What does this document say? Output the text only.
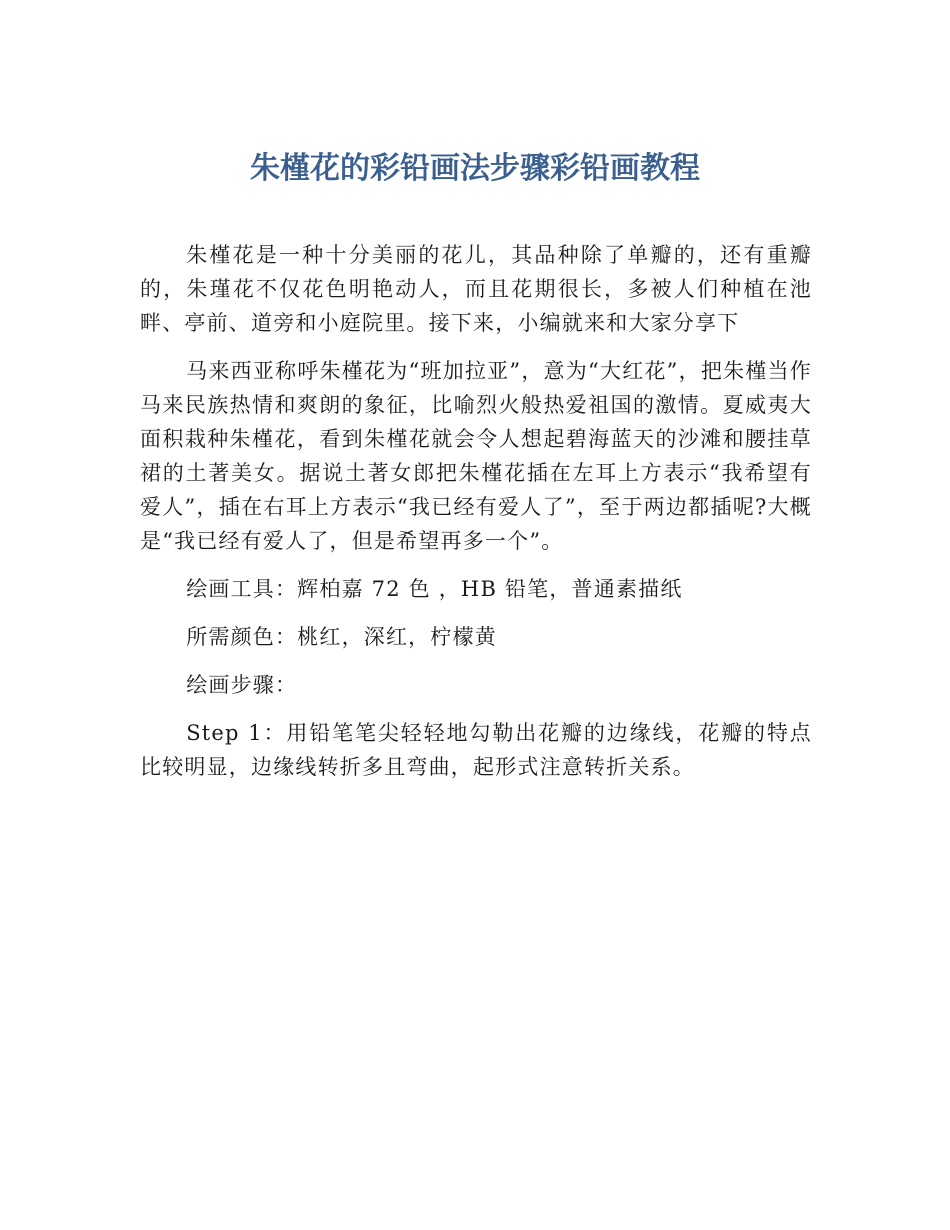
朱槿花的彩铅画法步骤彩铅画教程

朱槿花是一种十分美丽的花儿，其品种除了单瓣的，还有重瓣的，朱瑾花不仅花色明艳动人，而且花期很长，多被人们种植在池畔、亭前、道旁和小庭院里。接下来，小编就来和大家分享下

马来西亚称呼朱槿花为“班加拉亚”，意为“大红花”，把朱槿当作马来民族热情和爽朗的象征，比喻烈火般热爱祖国的激情。夏威夷大面积栽种朱槿花，看到朱槿花就会令人想起碧海蓝天的沙滩和腰挂草裙的土著美女。据说土著女郎把朱槿花插在左耳上方表示“我希望有爱人”，插在右耳上方表示“我已经有爱人了”，至于两边都插呢?大概是“我已经有爱人了，但是希望再多一个”。

绘画工具：辉柏嘉 72 色 ，HB 铅笔，普通素描纸

所需颜色：桃红，深红，柠檬黄

绘画步骤：

Step 1：用铅笔笔尖轻轻地勾勒出花瓣的边缘线，花瓣的特点比较明显，边缘线转折多且弯曲，起形式注意转折关系。
